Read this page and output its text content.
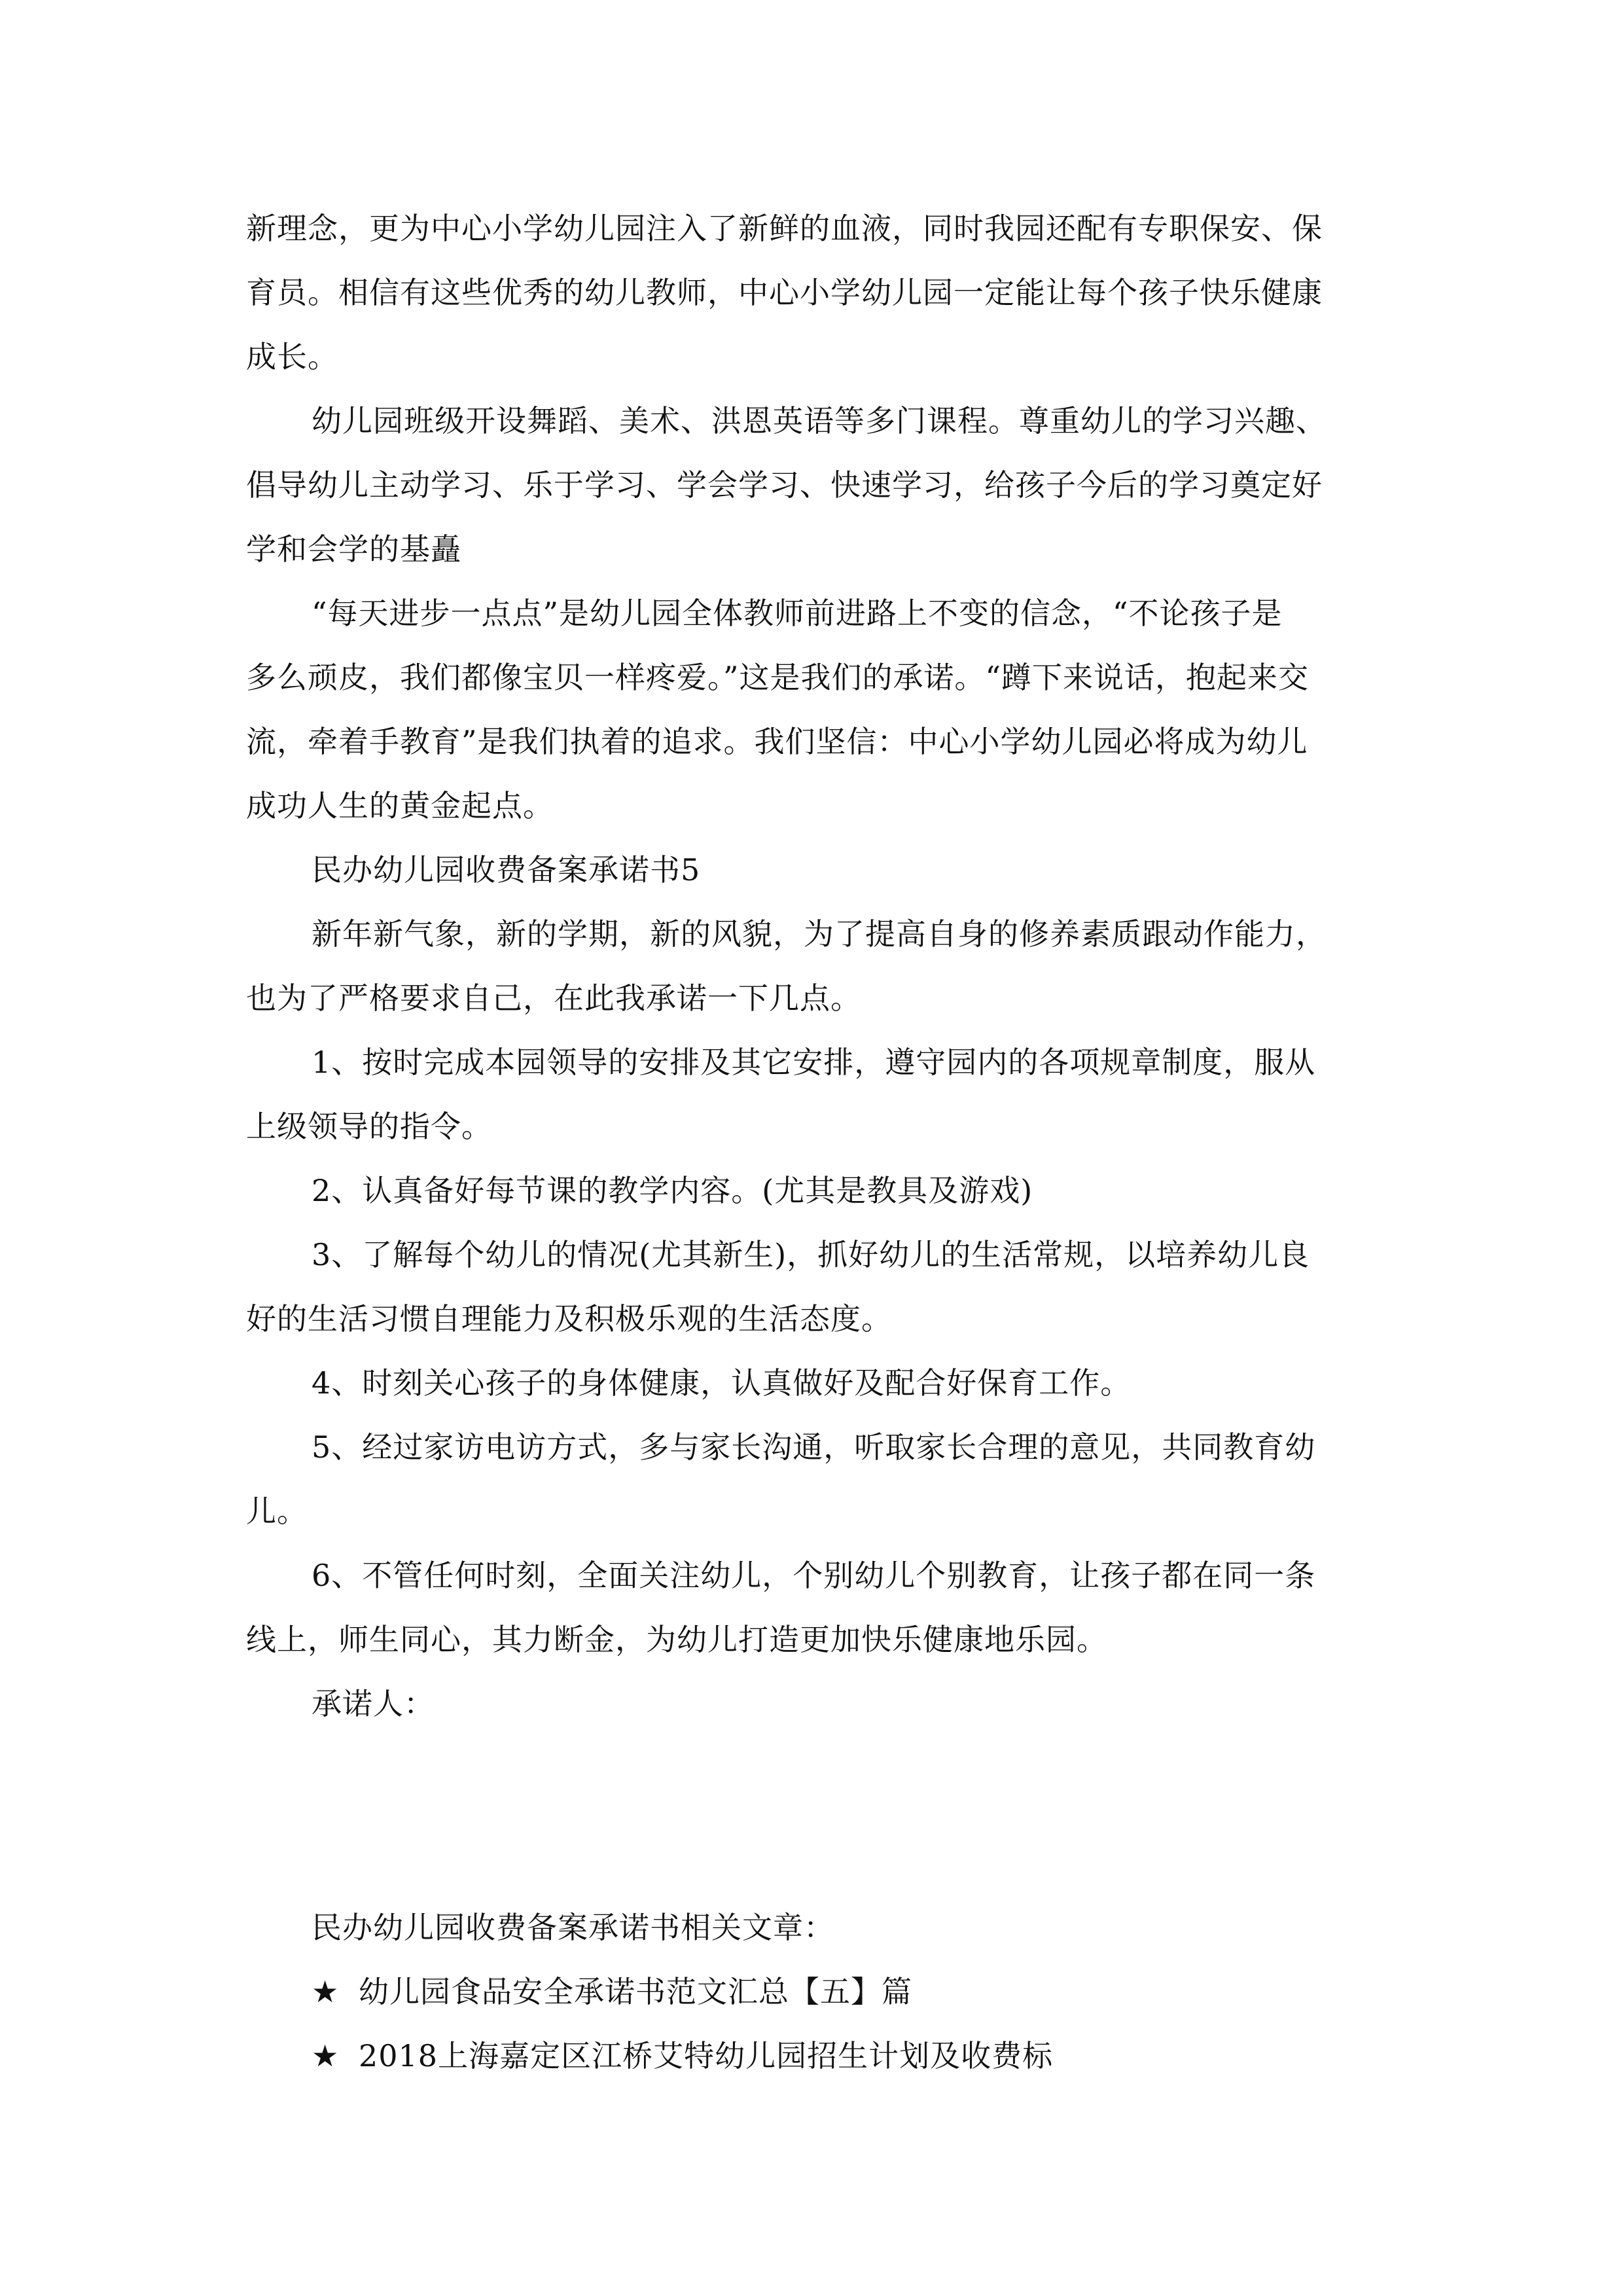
新理念，更为中心小学幼儿园注入了新鲜的血液，同时我园还配有专职保安、保
育员。相信有这些优秀的幼儿教师，中心小学幼儿园一定能让每个孩子快乐健康
成长。
幼儿园班级开设舞蹈、美术、洪恩英语等多门课程。尊重幼儿的学习兴趣、
倡导幼儿主动学习、乐于学习、学会学习、快速学习，给孩子今后的学习奠定好
学和会学的基矗
“每天进步一点点”是幼儿园全体教师前进路上不变的信念，“不论孩子是
多么顽皮，我们都像宝贝一样疼爱。”这是我们的承诺。“蹲下来说话，抱起来交
流，牵着手教育”是我们执着的追求。我们坚信：中心小学幼儿园必将成为幼儿
成功人生的黄金起点。
民办幼儿园收费备案承诺书5
新年新气象，新的学期，新的风貌，为了提高自身的修养素质跟动作能力，
也为了严格要求自己，在此我承诺一下几点。
1、按时完成本园领导的安排及其它安排，遵守园内的各项规章制度，服从
上级领导的指令。
2、认真备好每节课的教学内容。(尤其是教具及游戏)
3、了解每个幼儿的情况(尤其新生)，抓好幼儿的生活常规，以培养幼儿良
好的生活习惯自理能力及积极乐观的生活态度。
4、时刻关心孩子的身体健康，认真做好及配合好保育工作。
5、经过家访电访方式，多与家长沟通，听取家长合理的意见，共同教育幼
儿。
6、不管任何时刻，全面关注幼儿，个别幼儿个别教育，让孩子都在同一条
线上，师生同心，其力断金，为幼儿打造更加快乐健康地乐园。
承诺人：
民办幼儿园收费备案承诺书相关文章：
★ 幼儿园食品安全承诺书范文汇总【五】篇
★ 2018上海嘉定区江桥艾特幼儿园招生计划及收费标
